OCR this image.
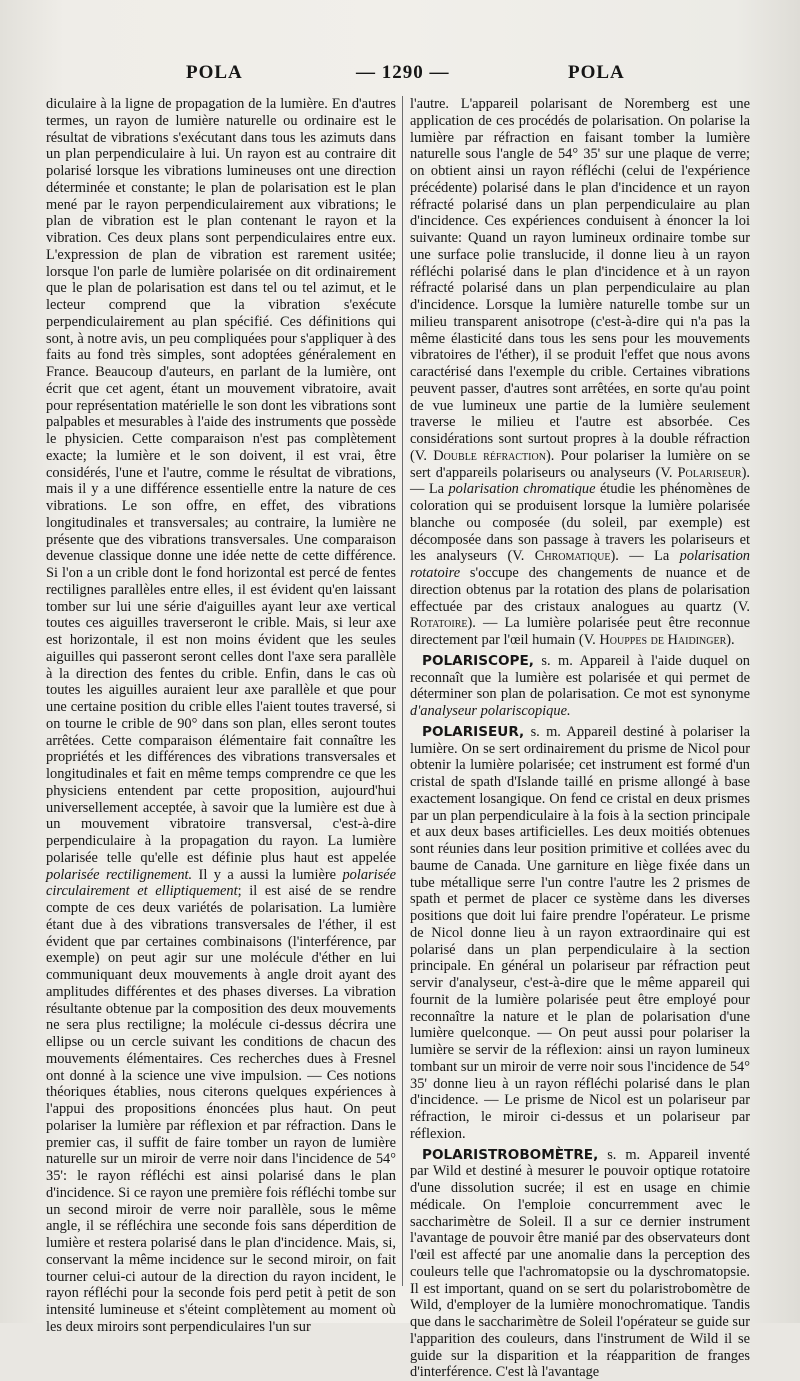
POLA	— 1290 —	POLA

diculaire à la ligne de propagation de la lumière. En d'autres termes, un rayon de lumière naturelle ou ordinaire est le résultat de vibrations s'exécutant dans tous les azimuts dans un plan perpendiculaire à lui. Un rayon est au contraire dit polarisé lorsque les vibrations lumineuses ont une direction déterminée et constante; le plan de polarisation est le plan mené par le rayon perpendiculairement aux vibrations; le plan de vibration est le plan contenant le rayon et la vibration. Ces deux plans sont perpendiculaires entre eux. L'expression de plan de vibration est rarement usitée; lorsque l'on parle de lumière polarisée on dit ordinairement que le plan de polarisation est dans tel ou tel azimut, et le lecteur comprend que la vibration s'exécute perpendiculairement au plan spécifié. Ces définitions qui sont, à notre avis, un peu compliquées pour s'appliquer à des faits au fond très simples, sont adoptées généralement en France. Beaucoup d'auteurs, en parlant de la lumière, ont écrit que cet agent, étant un mouvement vibratoire, avait pour représentation matérielle le son dont les vibrations sont palpables et mesurables à l'aide des instruments que possède le physicien. Cette comparaison n'est pas complètement exacte; la lumière et le son doivent, il est vrai, être considérés, l'une et l'autre, comme le résultat de vibrations, mais il y a une différence essentielle entre la nature de ces vibrations. Le son offre, en effet, des vibrations longitudinales et transversales; au contraire, la lumière ne présente que des vibrations transversales. Une comparaison devenue classique donne une idée nette de cette différence. Si l'on a un crible dont le fond horizontal est percé de fentes rectilignes parallèles entre elles, il est évident qu'en laissant tomber sur lui une série d'aiguilles ayant leur axe vertical toutes ces aiguilles traverseront le crible. Mais, si leur axe est horizontale, il est non moins évident que les seules aiguilles qui passeront seront celles dont l'axe sera parallèle à la direction des fentes du crible. Enfin, dans le cas où toutes les aiguilles auraient leur axe parallèle et que pour une certaine position du crible elles l'aient toutes traversé, si on tourne le crible de 90° dans son plan, elles seront toutes arrêtées. Cette comparaison élémentaire fait connaître les propriétés et les différences des vibrations transversales et longitudinales et fait en même temps comprendre ce que les physiciens entendent par cette proposition, aujourd'hui universellement acceptée, à savoir que la lumière est due à un mouvement vibratoire transversal, c'est-à-dire perpendiculaire à la propagation du rayon. La lumière polarisée telle qu'elle est définie plus haut est appelée polarisée rectilignement. Il y a aussi la lumière polarisée circulairement et elliptiquement; il est aisé de se rendre compte de ces deux variétés de polarisation. La lumière étant due à des vibrations transversales de l'éther, il est évident que par certaines combinaisons (l'interférence, par exemple) on peut agir sur une molécule d'éther en lui communiquant deux mouvements à angle droit ayant des amplitudes différentes et des phases diverses. La vibration résultante obtenue par la composition des deux mouvements ne sera plus rectiligne; la molécule ci-dessus décrira une ellipse ou un cercle suivant les conditions de chacun des mouvements élémentaires. Ces recherches dues à Fresnel ont donné à la science une vive impulsion. — Ces notions théoriques établies, nous citerons quelques expériences à l'appui des propositions énoncées plus haut. On peut polariser la lumière par réflexion et par réfraction. Dans le premier cas, il suffit de faire tomber un rayon de lumière naturelle sur un miroir de verre noir dans l'incidence de 54° 35': le rayon réfléchi est ainsi polarisé dans le plan d'incidence. Si ce rayon une première fois réfléchi tombe sur un second miroir de verre noir parallèle, sous le même angle, il se réfléchira une seconde fois sans déperdition de lumière et restera polarisé dans le plan d'incidence. Mais, si, conservant la même incidence sur le second miroir, on fait tourner celui-ci autour de la direction du rayon incident, le rayon réfléchi pour la seconde fois perd petit à petit de son intensité lumineuse et s'éteint complètement au moment où les deux miroirs sont perpendiculaires l'un sur

l'autre. L'appareil polarisant de Noremberg est une application de ces procédés de polarisation. On polarise la lumière par réfraction en faisant tomber la lumière naturelle sous l'angle de 54° 35' sur une plaque de verre; on obtient ainsi un rayon réfléchi (celui de l'expérience précédente) polarisé dans le plan d'incidence et un rayon réfracté polarisé dans un plan perpendiculaire au plan d'incidence. Ces expériences conduisent à énoncer la loi suivante: Quand un rayon lumineux ordinaire tombe sur une surface polie translucide, il donne lieu à un rayon réfléchi polarisé dans le plan d'incidence et à un rayon réfracté polarisé dans un plan perpendiculaire au plan d'incidence. Lorsque la lumière naturelle tombe sur un milieu transparent anisotrope (c'est-à-dire qui n'a pas la même élasticité dans tous les sens pour les mouvements vibratoires de l'éther), il se produit l'effet que nous avons caractérisé dans l'exemple du crible. Certaines vibrations peuvent passer, d'autres sont arrêtées, en sorte qu'au point de vue lumineux une partie de la lumière seulement traverse le milieu et l'autre est absorbée. Ces considérations sont surtout propres à la double réfraction (V. Double réfraction). Pour polariser la lumière on se sert d'appareils polariseurs ou analyseurs (V. Polariseur). — La polarisation chromatique étudie les phénomènes de coloration qui se produisent lorsque la lumière polarisée blanche ou composée (du soleil, par exemple) est décomposée dans son passage à travers les polariseurs et les analyseurs (V. Chromatique). — La polarisation rotatoire s'occupe des changements de nuance et de direction obtenus par la rotation des plans de polarisation effectuée par des cristaux analogues au quartz (V. Rotatoire). — La lumière polarisée peut être reconnue directement par l'œil humain (V. Houppes de Haidinger).

POLARISCOPE, s. m. Appareil à l'aide duquel on reconnaît que la lumière est polarisée et qui permet de déterminer son plan de polarisation. Ce mot est synonyme d'analyseur polariscopique.

POLARISEUR, s. m. Appareil destiné à polariser la lumière. On se sert ordinairement du prisme de Nicol pour obtenir la lumière polarisée; cet instrument est formé d'un cristal de spath d'Islande taillé en prisme allongé à base exactement losangique. On fend ce cristal en deux prismes par un plan perpendiculaire à la fois à la section principale et aux deux bases artificielles. Les deux moitiés obtenues sont réunies dans leur position primitive et collées avec du baume de Canada. Une garniture en liège fixée dans un tube métallique serre l'un contre l'autre les 2 prismes de spath et permet de placer ce système dans les diverses positions que doit lui faire prendre l'opérateur. Le prisme de Nicol donne lieu à un rayon extraordinaire qui est polarisé dans un plan perpendiculaire à la section principale. En général un polariseur par réfraction peut servir d'analyseur, c'est-à-dire que le même appareil qui fournit de la lumière polarisée peut être employé pour reconnaître la nature et le plan de polarisation d'une lumière quelconque. — On peut aussi pour polariser la lumière se servir de la réflexion: ainsi un rayon lumineux tombant sur un miroir de verre noir sous l'incidence de 54° 35' donne lieu à un rayon réfléchi polarisé dans le plan d'incidence. — Le prisme de Nicol est un polariseur par réfraction, le miroir ci-dessus et un polariseur par réflexion.

POLARISTROBOMÈTRE, s. m. Appareil inventé par Wild et destiné à mesurer le pouvoir optique rotatoire d'une dissolution sucrée; il est en usage en chimie médicale. On l'emploie concurremment avec le saccharimètre de Soleil. Il a sur ce dernier instrument l'avantage de pouvoir être manié par des observateurs dont l'œil est affecté par une anomalie dans la perception des couleurs telle que l'achromatopsie ou la dyschromatopsie. Il est important, quand on se sert du polaristrobomètre de Wild, d'employer de la lumière monochromatique. Tandis que dans le saccharimètre de Soleil l'opérateur se guide sur l'apparition des couleurs, dans l'instrument de Wild il se guide sur la disparition et la réapparition de franges d'interférence. C'est là l'avantage
